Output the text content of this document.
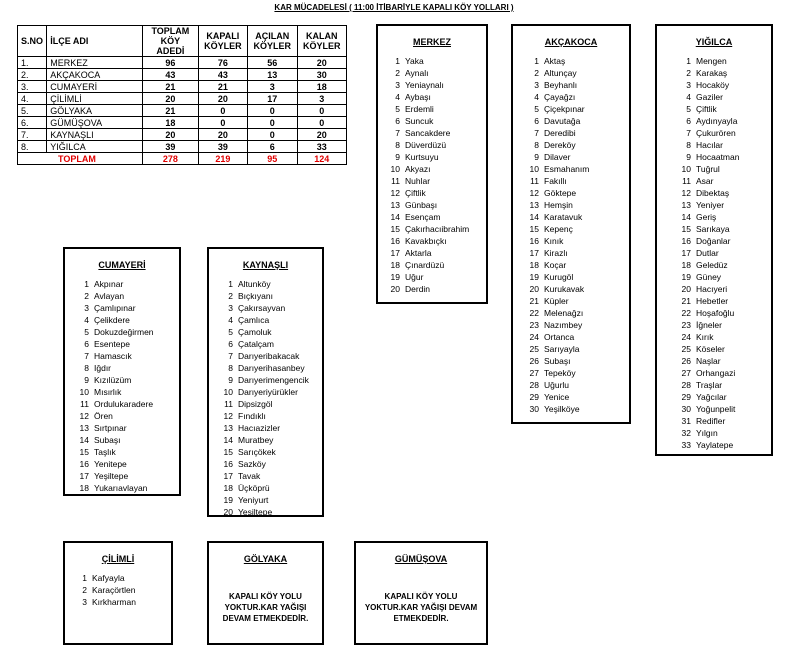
KAR MÜCADELESİ ( 11:00 İTİBARİYLE KAPALI KÖY YOLLARI )
S.NO	İLÇE ADI	TOPLAM KÖY ADEDİ	KAPALI KÖYLER	AÇILAN KÖYLER	KALAN KÖYLER
1.	MERKEZ	96	76	56	20
2.	AKÇAKOCA	43	43	13	30
3.	CUMAYERİ	21	21	3	18
4.	ÇİLİMLİ	20	20	17	3
5.	GÖLYAKA	21	0	0	0
6.	GÜMÜŞOVA	18	0	0	0
7.	KAYNAŞLI	20	20	0	20
8.	YIĞILCA	39	39	6	33
TOPLAM		278	219	95	124
MERKEZ
1 Yaka
2 Aynalı
3 Yeniaynalı
4 Aybaşı
5 Erdemli
6 Suncuk
7 Sancakdere
8 Düverdüzü
9 Kurtsuyu
10 Akyazı
11 Nuhlar
12 Çiftlik
13 Günbaşı
14 Esençam
15 Çakırhacıibrahim
16 Kavakbıçkı
17 Aktarla
18 Çınardüzü
19 Uğur
20 Derdin
AKÇAKOCA
1 Aktaş
2 Altunçay
3 Beyhanlı
4 Çayağzı
5 Çiçekpınar
6 Davutağa
7 Deredibi
8 Dereköy
9 Dilaver
10 Esmahanım
11 Fakıllı
12 Göktepe
13 Hemşin
14 Karatavuk
15 Kepenç
16 Kınık
17 Kirazlı
18 Koçar
19 Kurugöl
20 Kurukavak
21 Küpler
22 Melenağzı
23 Nazımbey
24 Ortanca
25 Sarıyayla
26 Subaşı
27 Tepeköy
28 Uğurlu
29 Yenice
30 Yeşilköye
YIĞILCA
1 Mengen
2 Karakaş
3 Hocaköy
4 Gaziler
5 Çiftlik
6 Aydınyayla
7 Çukurören
8 Hacılar
9 Hocaatman
10 Tuğrul
11 Asar
12 Dibektaş
13 Yeniyer
14 Geriş
15 Sarıkaya
16 Doğanlar
17 Dutlar
18 Geledüz
19 Güney
20 Hacıyeri
21 Hebetler
22 Hoşafoğlu
23 İğneler
24 Kırık
25 Köseler
26 Naşlar
27 Orhangazi
28 Traşlar
29 Yağcılar
30 Yoğunpelit
31 Redifler
32 Yılgın
33 Yaylatepe
CUMAYERİ
1 Akpınar
2 Avlayan
3 Çamlıpınar
4 Çelikdere
5 Dokuzdeğirmen
6 Esentepe
7 Hamascık
8 Iğdır
9 Kızılüzüm
10 Mısırlık
11 Ordulukaradere
12 Ören
13 Sırtpınar
14 Subaşı
15 Taşlık
16 Yenitepe
17 Yeşiltepe
18 Yukarıavlayan
KAYNAŞLI
1 Altunköy
2 Bıçkıyanı
3 Çakırsayvan
4 Çamlıca
5 Çamoluk
6 Çatalçam
7 Darıyeribakacak
8 Darıyerihasanbey
9 Darıyerimengencik
10 Darıyeriyürükler
11 Dipsizgöl
12 Fındıklı
13 Hacıazizler
14 Muratbey
15 Sarıçökek
16 Sazköy
17 Tavak
18 Üçköprü
19 Yeniyurt
20 Yeşiltepe
ÇİLİMLİ
1 Kafyayla
2 Karaçörtlen
3 Kırkharman
GÖLYAKA
KAPALI KÖY YOLU
YOKTUR.KAR YAĞIŞI
DEVAM ETMEKDEDİR.
GÜMÜŞOVA
KAPALI KÖY YOLU
YOKTUR.KAR YAĞIŞI DEVAM
ETMEKDEDİR.
